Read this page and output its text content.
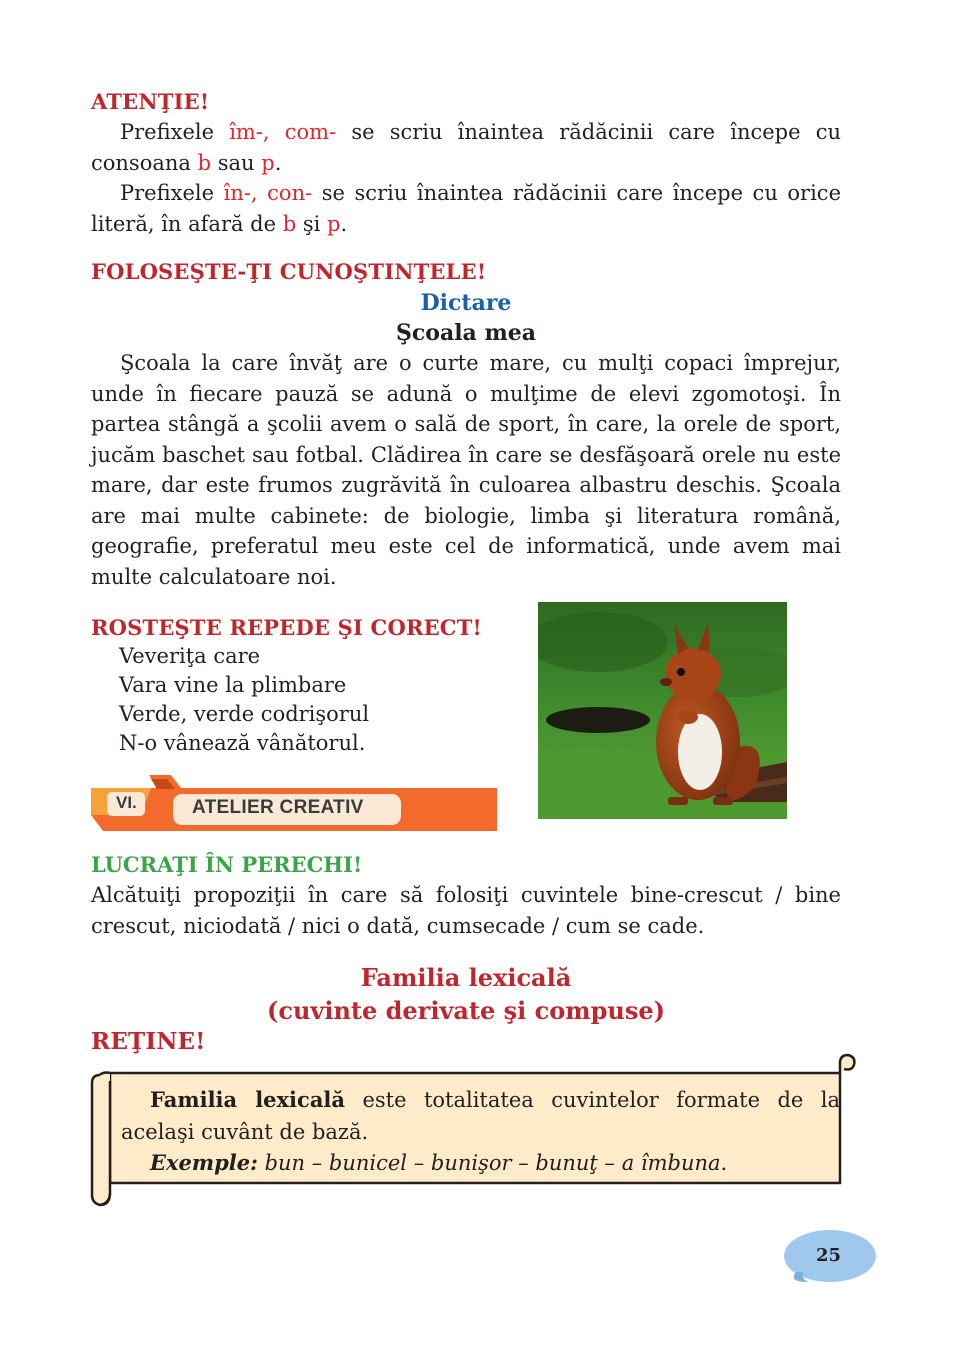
ATENŢIE!

Prefixele îm-, com- se scriu înaintea rădăcinii care începe cu consoana b sau p.

Prefixele în-, con- se scriu înaintea rădăcinii care începe cu orice literă, în afară de b şi p.

FOLOSEŞTE-ŢI CUNOŞTINŢELE!

Dictare

Şcoala mea

Şcoala la care învăţ are o curte mare, cu mulţi copaci împrejur, unde în fiecare pauză se adună o mulţime de elevi zgomotoşi. În partea stângă a şcolii avem o sală de sport, în care, la orele de sport, jucăm baschet sau fotbal. Clădirea în care se desfăşoară orele nu este mare, dar este frumos zugrăvită în culoarea albastru deschis. Şcoala are mai multe cabinete: de biologie, limba şi literatura română, geografie, preferatul meu este cel de informatică, unde avem mai multe calculatoare noi.

ROSTEŞTE REPEDE ŞI CORECT!

Veveriţa care
Vara vine la plimbare
Verde, verde codrişorul
N-o vânează vânătorul.
VI.	ATELIER CREATIV

LUCRAŢI ÎN PERECHI!

Alcătuiţi propoziţii în care să folosiţi cuvintele bine-crescut / bine crescut, niciodată / nici o dată, cumsecade / cum se cade.

Familia lexicală

(cuvinte derivate şi compuse)

REŢINE!

Familia lexicală este totalitatea cuvintelor formate de la acelaşi cuvânt de bază.

Exemple: bun – bunicel – bunişor – bunuţ – a îmbuna.

25
